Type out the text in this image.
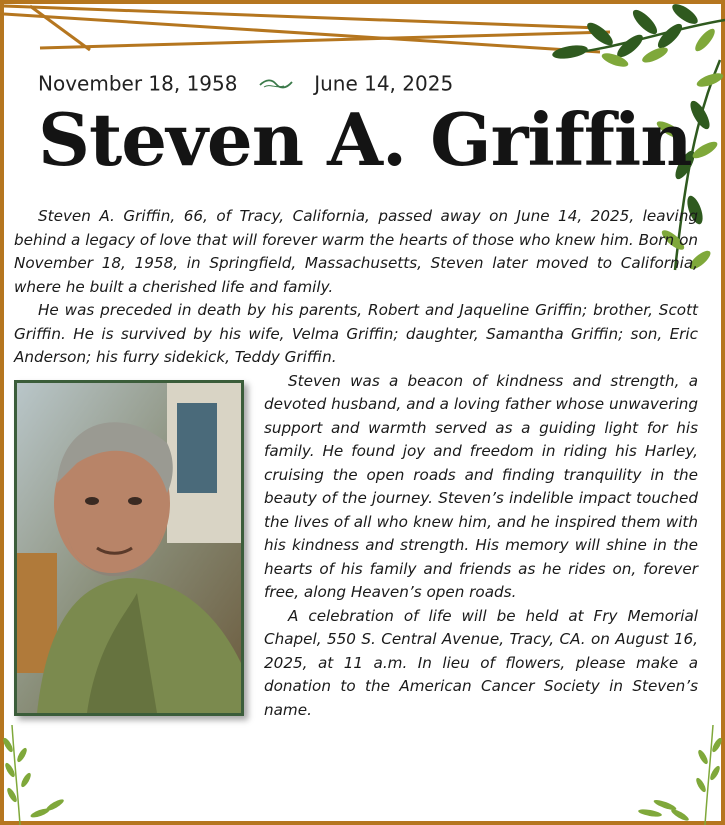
November 18, 1958	June 14, 2025
Steven A. Griffin

Steven A. Griffin, 66, of Tracy, California, passed away on June 14, 2025, leaving behind a legacy of love that will forever warm the hearts of those who knew him. Born on November 18, 1958, in Springfield, Massachusetts, Steven later moved to California, where he built a cherished life and family.

He was preceded in death by his parents, Robert and Jaqueline Griffin; brother, Scott Griffin. He is survived by his wife, Velma Griffin; daughter, Samantha Griffin; son, Eric Anderson; his furry sidekick, Teddy Griffin.

Steven was a beacon of kindness and strength, a devoted husband, and a loving father whose unwavering support and warmth served as a guiding light for his family. He found joy and freedom in riding his Harley, cruising the open roads and finding tranquility in the beauty of the journey. Steven’s indelible impact touched the lives of all who knew him, and he inspired them with his kindness and strength. His memory will shine in the hearts of his family and friends as he rides on, forever free, along Heaven’s open roads.

A celebration of life will be held at Fry Memorial Chapel, 550 S. Central Avenue, Tracy, CA. on August 16, 2025, at 11 a.m. In lieu of flowers, please make a donation to the American Cancer Society in Steven’s name.
